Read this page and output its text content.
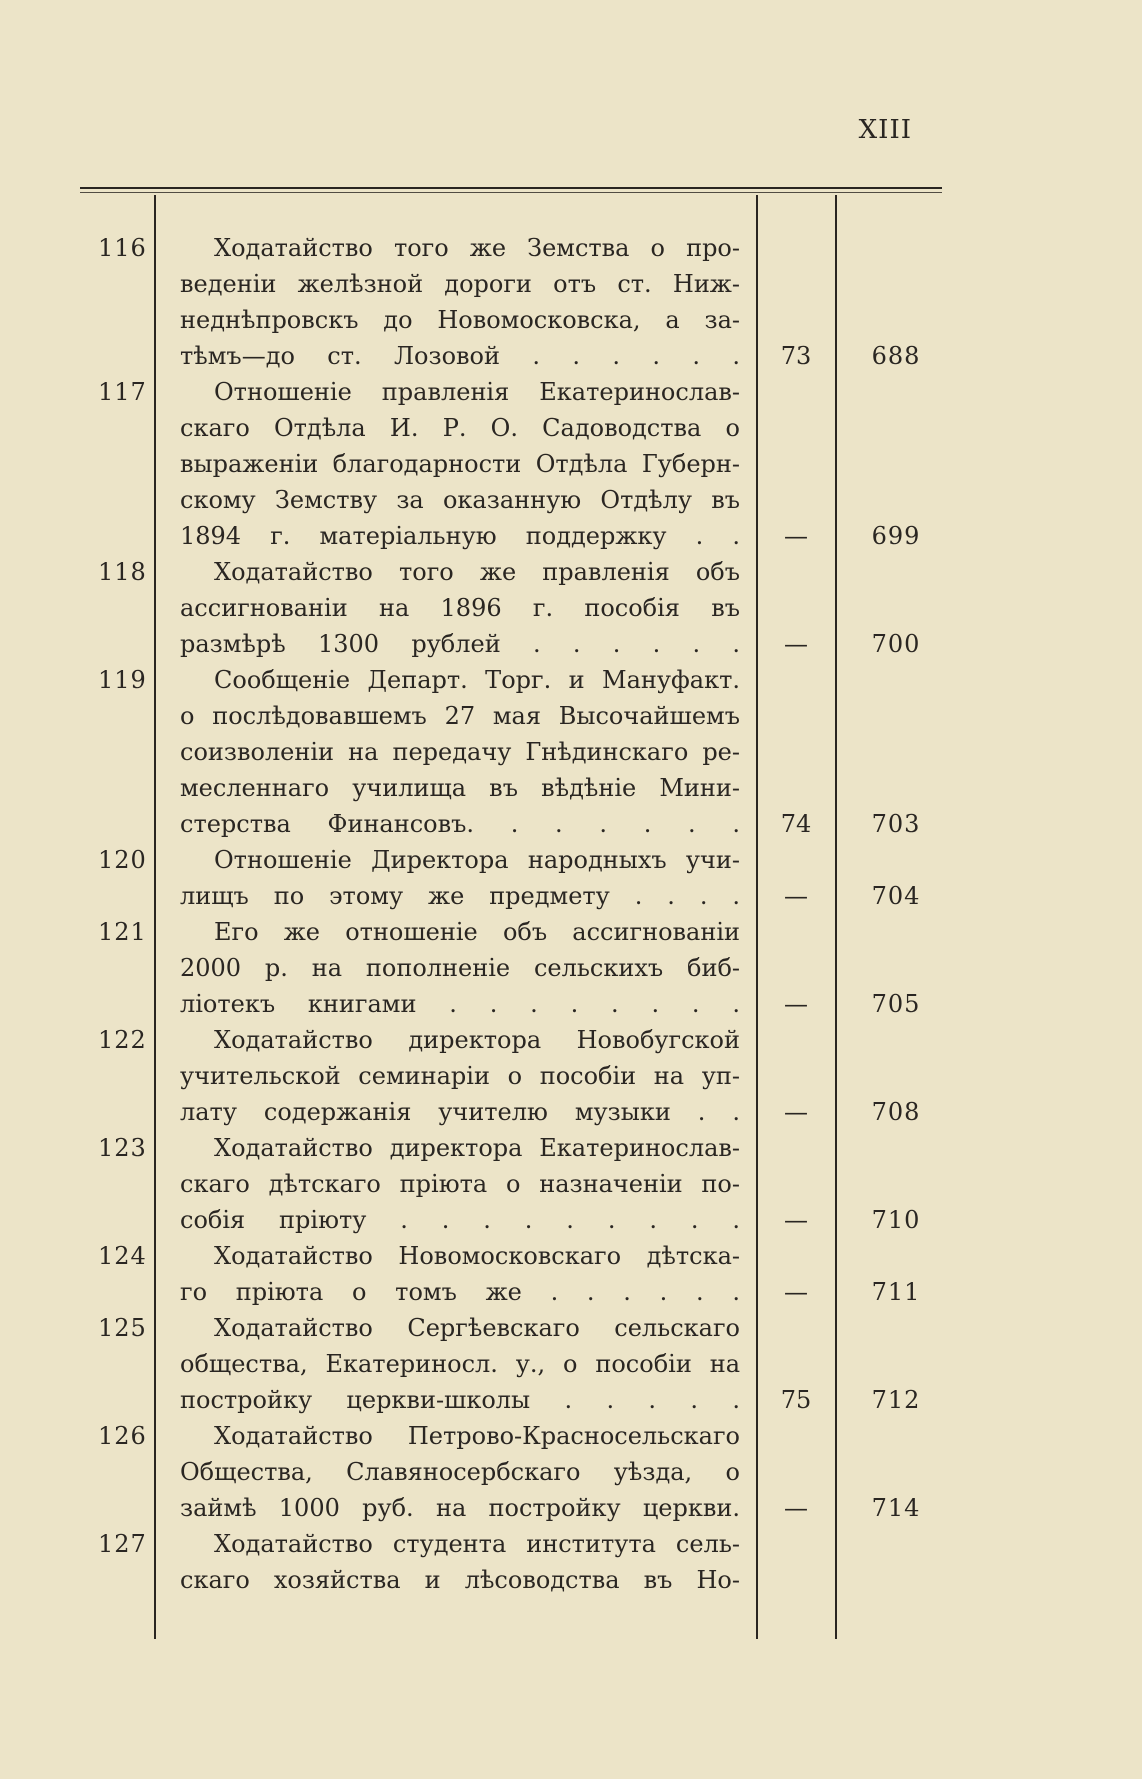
XIII
116	Ходатайство того же Земства о про-
веденіи желѣзной дороги отъ ст. Ниж-
неднѣпровскъ до Новомосковска, а за-
тѣмъ—до ст. Лозовой . . . . . .	73	688
117	Отношеніе правленія Екатеринослав-
скаго Отдѣла И. Р. О. Садоводства о
выраженіи благодарности Отдѣла Губерн-
скому Земству за оказанную Отдѣлу въ
1894 г. матеріальную поддержку . .	—	699
118	Ходатайство того же правленія объ
ассигнованіи на 1896 г. пособія въ
размѣрѣ 1300 рублей . . . . . .	—	700
119	Сообщеніе Департ. Торг. и Мануфакт.
о послѣдовавшемъ 27 мая Высочайшемъ
соизволеніи на передачу Гнѣдинскаго ре-
месленнаго училища въ вѣдѣніе Мини-
стерства Финансовъ. . . . . . .	74	703
120	Отношеніе Директора народныхъ учи-
лищъ по этому же предмету . . . .	—	704
121	Его же отношеніе объ ассигнованіи
2000 р. на пополненіе сельскихъ биб-
ліотекъ книгами . . . . . . . .	—	705
122	Ходатайство директора Новобугской
учительской семинаріи о пособіи на уп-
лату содержанія учителю музыки . .	—	708
123	Ходатайство директора Екатеринослав-
скаго дѣтскаго пріюта о назначеніи по-
собія пріюту . . . . . . . . .	—	710
124	Ходатайство Новомосковскаго дѣтска-
го пріюта о томъ же . . . . . .	—	711
125	Ходатайство Сергѣевскаго сельскаго
общества, Екатериносл. у., о пособіи на
постройку церкви-школы . . . . .	75	712
126	Ходатайство Петрово-Красносельскаго
Общества, Славяносербскаго уѣзда, о
займѣ 1000 руб. на постройку церкви.	—	714
127	Ходатайство студента института сель-
скаго хозяйства и лѣсоводства въ Но-
